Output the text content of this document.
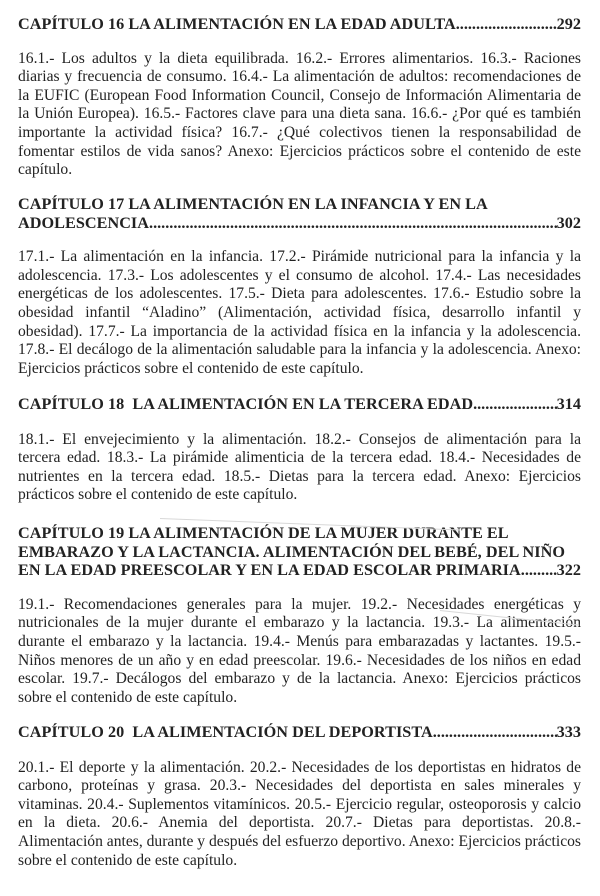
CAPÍTULO 16 LA ALIMENTACIÓN EN LA EDAD ADULTA .....	292

16.1.- Los adultos y la dieta equilibrada. 16.2.- Errores alimentarios. 16.3.- Raciones diarias y frecuencia de consumo. 16.4.- La alimentación de adultos: recomendaciones de la EUFIC (European Food Information Council, Consejo de Información Alimentaria de la Unión Europea). 16.5.- Factores clave para una dieta sana. 16.6.- ¿Por qué es también importante la actividad física? 16.7.- ¿Qué colectivos tienen la responsabilidad de fomentar estilos de vida sanos? Anexo: Ejercicios prácticos sobre el contenido de este capítulo.

CAPÍTULO 17 LA ALIMENTACIÓN EN LA INFANCIA Y EN LA
ADOLESCENCIA .....	302

17.1.- La alimentación en la infancia. 17.2.- Pirámide nutricional para la infancia y la adolescencia. 17.3.- Los adolescentes y el consumo de alcohol. 17.4.- Las necesidades energéticas de los adolescentes. 17.5.- Dieta para adolescentes. 17.6.- Estudio sobre la obesidad infantil “Aladino” (Alimentación, actividad física, desarrollo infantil y obesidad). 17.7.- La importancia de la actividad física en la infancia y la adolescencia. 17.8.- El decálogo de la alimentación saludable para la infancia y la adolescencia. Anexo: Ejercicios prácticos sobre el contenido de este capítulo.

CAPÍTULO 18  LA ALIMENTACIÓN EN LA TERCERA EDAD .....	314

18.1.- El envejecimiento y la alimentación. 18.2.- Consejos de alimentación para la tercera edad. 18.3.- La pirámide alimenticia de la tercera edad. 18.4.- Necesidades de nutrientes en la tercera edad. 18.5.- Dietas para la tercera edad. Anexo: Ejercicios prácticos sobre el contenido de este capítulo.

CAPÍTULO 19 LA ALIMENTACIÓN DE LA MUJER DURANTE EL
EMBARAZO Y LA LACTANCIA. ALIMENTACIÓN DEL BEBÉ, DEL NIÑO
EN LA EDAD PREESCOLAR Y EN LA EDAD ESCOLAR PRIMARIA ..... 322

19.1.- Recomendaciones generales para la mujer. 19.2.- Necesidades energéticas y nutricionales de la mujer durante el embarazo y la lactancia. 19.3.- La alimentación durante el embarazo y la lactancia. 19.4.- Menús para embarazadas y lactantes. 19.5.- Niños menores de un año y en edad preescolar. 19.6.- Necesidades de los niños en edad escolar. 19.7.- Decálogos del embarazo y de la lactancia. Anexo: Ejercicios prácticos sobre el contenido de este capítulo.

CAPÍTULO 20  LA ALIMENTACIÓN DEL DEPORTISTA .....	333

20.1.- El deporte y la alimentación. 20.2.- Necesidades de los deportistas en hidratos de carbono, proteínas y grasa. 20.3.- Necesidades del deportista en sales minerales y vitaminas. 20.4.- Suplementos vitamínicos. 20.5.- Ejercicio regular, osteoporosis y calcio en la dieta. 20.6.- Anemia del deportista. 20.7.- Dietas para deportistas. 20.8.- Alimentación antes, durante y después del esfuerzo deportivo. Anexo: Ejercicios prácticos sobre el contenido de este capítulo.
